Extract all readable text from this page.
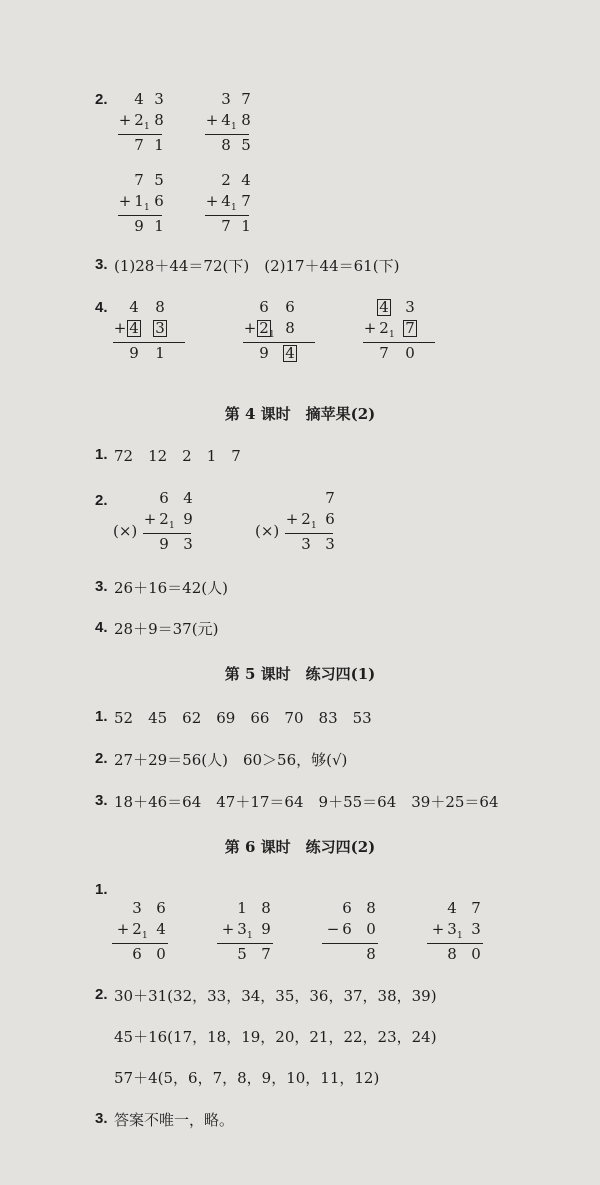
2. 4 3
2 8
7 1
+ 1
3 7
4 8
8 5
+ 1
7 5
1 6
9 1
+ 1
2 4
4 7
7 1
+ 1
3. (1)28＋44＝72(下)　(2)17＋44＝61(下)
4. 4 8
4 3
9 1
+
6 6
2 8
9 4
+ 1
4 3
2 7
7 0
+ 1
第 4 课时　摘苹果(2)
1. 72　12　2　1　7
2.
(×)
6 4
2 9
9 3
+ 1	(×)
7
2 6
3 3
+ 1
3. 26＋16＝42(人)
4. 28＋9＝37(元)
第 5 课时　练习四(1)
1. 52　45　62　69　66　70　83　53
2. 27＋29＝56(人)　60＞56，够(√)
3. 18＋46＝64　47＋17＝64　9＋55＝64　39＋25＝64
第 6 课时　练习四(2)
1.
3 6
2 4
6 0
+ 1
1 8
3 9
5 7
+ 1
6 8
6 0
8
−
4 7
3 3
8 0
+ 1
2. 30＋31(32，33，34，35，36，37，38，39)
45＋16(17，18，19，20，21，22，23，24)
57＋4(5，6，7，8，9，10，11，12)
3. 答案不唯一，略。
